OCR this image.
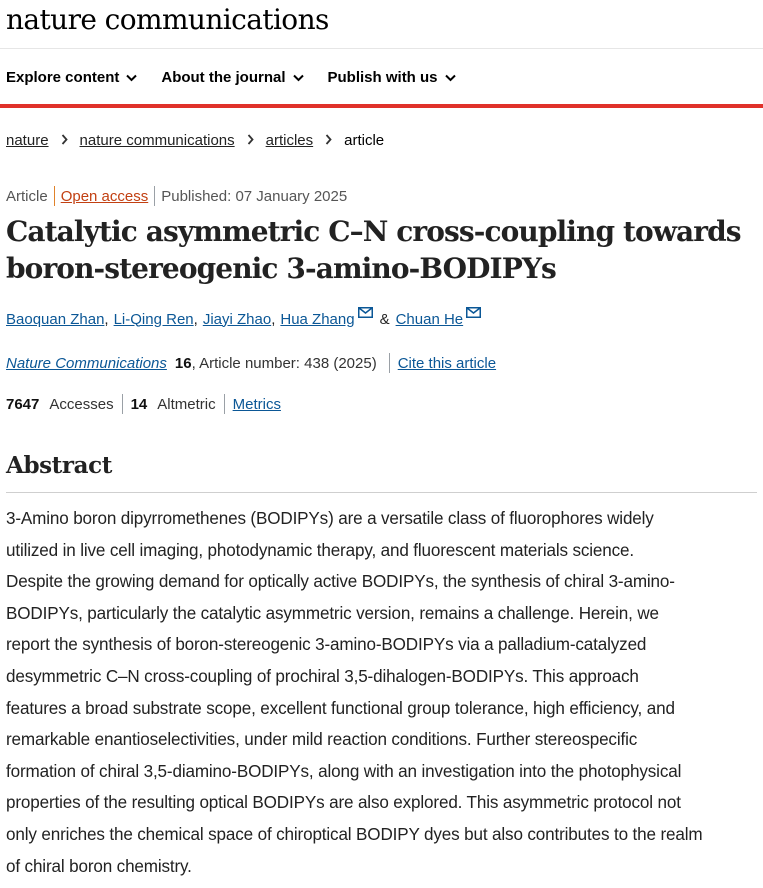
nature communications
Explore content	About the journal	Publish with us
nature nature communications articles article
Article Open access Published: 07 January 2025
Catalytic asymmetric C–N cross-coupling towards
boron-stereogenic 3-amino-BODIPYs
Baoquan Zhan , Li-Qing Ren , Jiayi Zhao , Hua Zhang & Chuan He
Nature Communications 16 , Article number: 438 (2025) Cite this article
7647 Accesses 14 Altmetric Metrics
Abstract

3-Amino boron dipyrromethenes (BODIPYs) are a versatile class of fluorophores widely
utilized in live cell imaging, photodynamic therapy, and fluorescent materials science.
Despite the growing demand for optically active BODIPYs, the synthesis of chiral 3-amino-
BODIPYs, particularly the catalytic asymmetric version, remains a challenge. Herein, we
report the synthesis of boron-stereogenic 3-amino-BODIPYs via a palladium-catalyzed
desymmetric C–N cross-coupling of prochiral 3,5-dihalogen-BODIPYs. This approach
features a broad substrate scope, excellent functional group tolerance, high efficiency, and
remarkable enantioselectivities, under mild reaction conditions. Further stereospecific
formation of chiral 3,5-diamino-BODIPYs, along with an investigation into the photophysical
properties of the resulting optical BODIPYs are also explored. This asymmetric protocol not
only enriches the chemical space of chiroptical BODIPY dyes but also contributes to the realm
of chiral boron chemistry.
